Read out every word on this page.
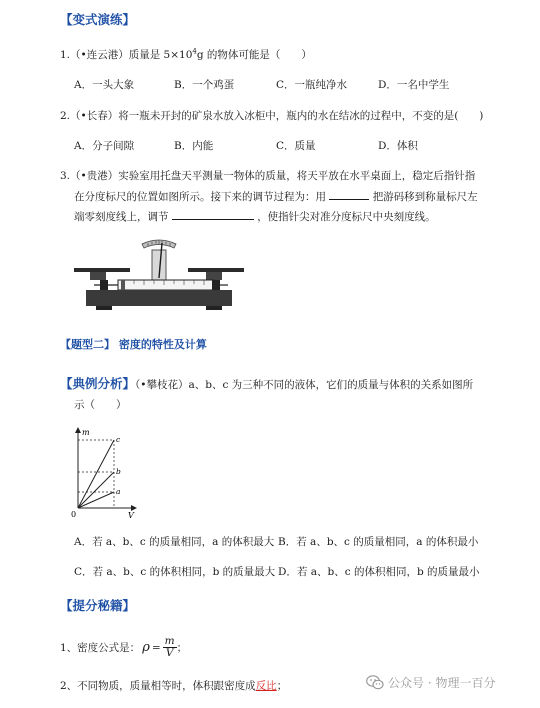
【变式演练】
1.（•连云港）质量是 $5\times 10^4g$ 的物体可能是（　　）
A．一头大象	B．一个鸡蛋	C．一瓶纯净水	D．一名中学生
2.（•长春）将一瓶未开封的矿泉水放入冰柜中，瓶内的水在结冰的过程中，不变的是(　　)
A．分子间隙	B．内能	C．质量	D．体积
3.（•贵港）实验室用托盘天平测量一物体的质量，将天平放在水平桌面上，稳定后指针指
在分度标尺的位置如图所示。接下来的调节过程为：用	把游码移到称量标尺左
端零刻度线上，调节	，使指针尖对准分度标尺中央刻度线。
【题型二】 密度的特性及计算
【典例分析】（•攀枝花）a、b、c 为三种不同的液体，它们的质量与体积的关系如图所
示（　　）
m
V
0
c
b
a
A．若 a、b、c 的质量相同，a 的体积最大 B．若 a、b、c 的质量相同，a 的体积最小
C．若 a、b、c 的体积相同，b 的质量最大 D．若 a、b、c 的体积相同，b 的质量最小
【提分秘籍】
1、密度公式是： $\rho = \frac{m}{V}$ ；
2、不同物质，质量相等时，体积跟密度成反比；	公众号 · 物理一百分
